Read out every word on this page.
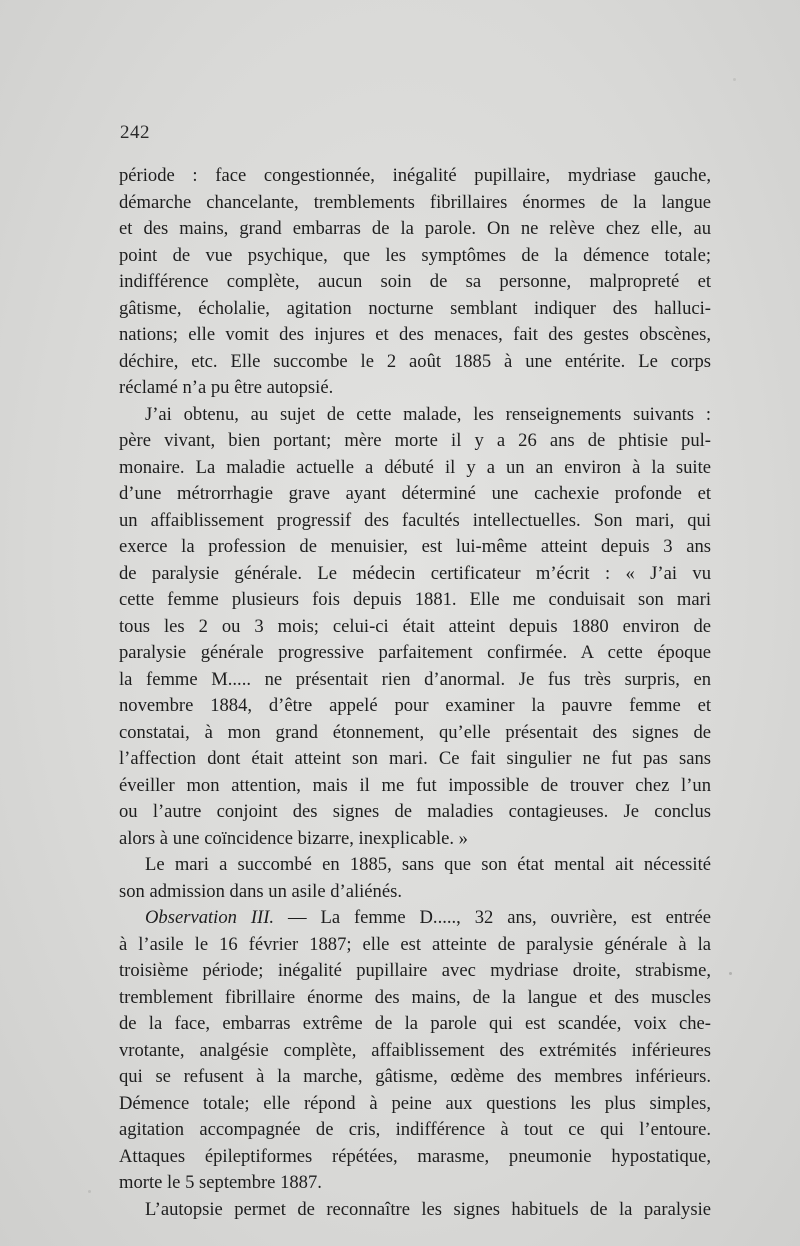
242
période : face congestionnée, inégalité pupillaire, mydriase gauche,
démarche chancelante, tremblements fibrillaires énormes de la langue
et des mains, grand embarras de la parole. On ne relève chez elle, au
point de vue psychique, que les symptômes de la démence totale;
indifférence complète, aucun soin de sa personne, malpropreté et
gâtisme, écholalie, agitation nocturne semblant indiquer des halluci-
nations; elle vomit des injures et des menaces, fait des gestes obscènes,
déchire, etc. Elle succombe le 2 août 1885 à une entérite. Le corps
réclamé n’a pu être autopsié.
J’ai obtenu, au sujet de cette malade, les renseignements suivants :
père vivant, bien portant; mère morte il y a 26 ans de phtisie pul-
monaire. La maladie actuelle a débuté il y a un an environ à la suite
d’une métrorrhagie grave ayant déterminé une cachexie profonde et
un affaiblissement progressif des facultés intellectuelles. Son mari, qui
exerce la profession de menuisier, est lui-même atteint depuis 3 ans
de paralysie générale. Le médecin certificateur m’écrit : « J’ai vu
cette femme plusieurs fois depuis 1881. Elle me conduisait son mari
tous les 2 ou 3 mois; celui-ci était atteint depuis 1880 environ de
paralysie générale progressive parfaitement confirmée. A cette époque
la femme M..... ne présentait rien d’anormal. Je fus très surpris, en
novembre 1884, d’être appelé pour examiner la pauvre femme et
constatai, à mon grand étonnement, qu’elle présentait des signes de
l’affection dont était atteint son mari. Ce fait singulier ne fut pas sans
éveiller mon attention, mais il me fut impossible de trouver chez l’un
ou l’autre conjoint des signes de maladies contagieuses. Je conclus
alors à une coïncidence bizarre, inexplicable. »
Le mari a succombé en 1885, sans que son état mental ait nécessité
son admission dans un asile d’aliénés.
Observation III. — La femme D....., 32 ans, ouvrière, est entrée
à l’asile le 16 février 1887; elle est atteinte de paralysie générale à la
troisième période; inégalité pupillaire avec mydriase droite, strabisme,
tremblement fibrillaire énorme des mains, de la langue et des muscles
de la face, embarras extrême de la parole qui est scandée, voix che-
vrotante, analgésie complète, affaiblissement des extrémités inférieures
qui se refusent à la marche, gâtisme, œdème des membres inférieurs.
Démence totale; elle répond à peine aux questions les plus simples,
agitation accompagnée de cris, indifférence à tout ce qui l’entoure.
Attaques épileptiformes répétées, marasme, pneumonie hypostatique,
morte le 5 septembre 1887.
L’autopsie permet de reconnaître les signes habituels de la paralysie
